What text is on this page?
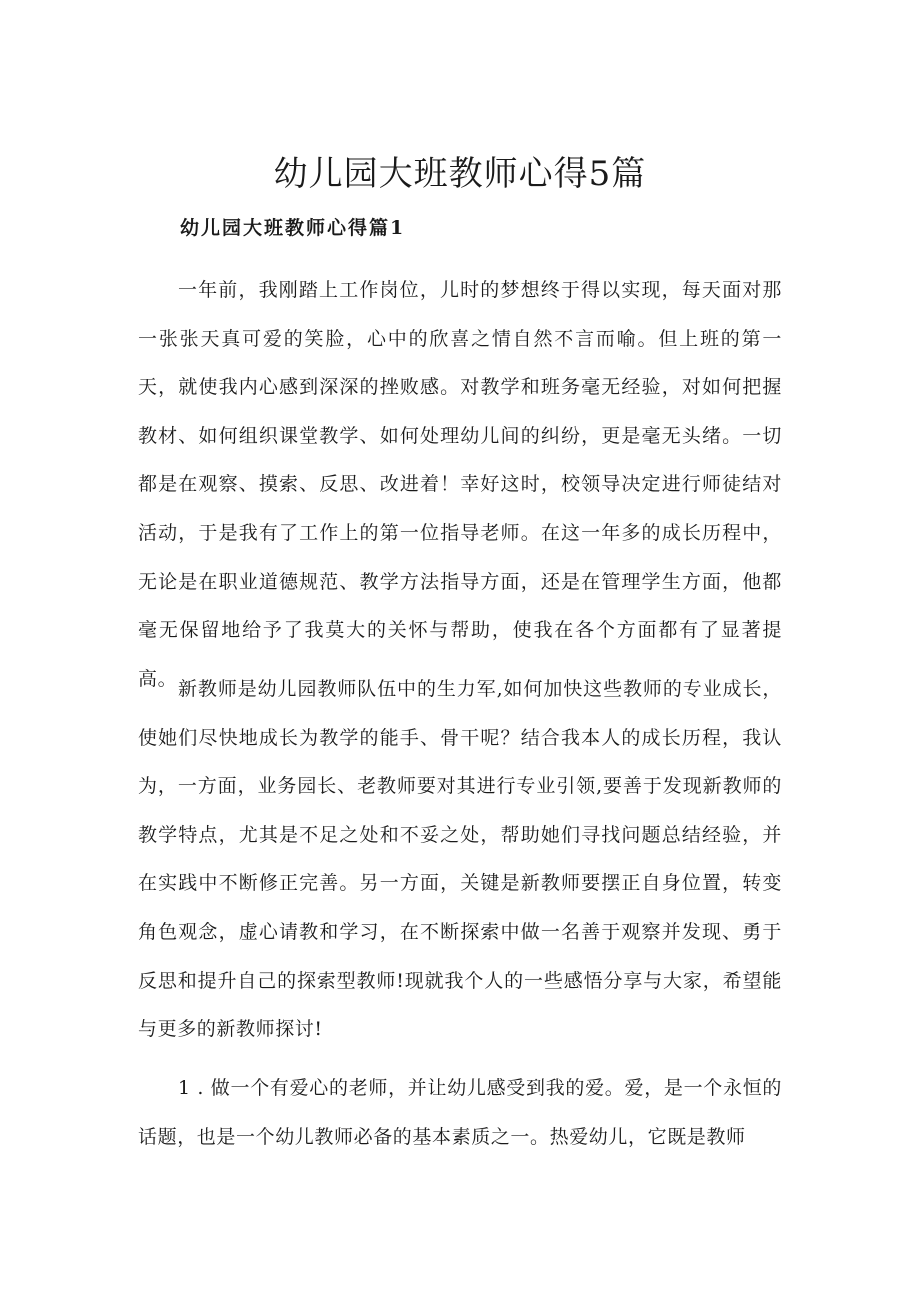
幼儿园大班教师心得5篇
幼儿园大班教师心得篇1

一年前，我刚踏上工作岗位，儿时的梦想终于得以实现，每天面对那一张张天真可爱的笑脸，心中的欣喜之情自然不言而喻。但上班的第一天，就使我内心感到深深的挫败感。对教学和班务毫无经验，对如何把握教材、如何组织课堂教学、如何处理幼儿间的纠纷，更是毫无头绪。一切都是在观察、摸索、反思、改进着！幸好这时，校领导决定进行师徒结对活动，于是我有了工作上的第一位指导老师。在这一年多的成长历程中，无论是在职业道德规范、教学方法指导方面，还是在管理学生方面，他都毫无保留地给予了我莫大的关怀与帮助，使我在各个方面都有了显著提高。 新教师是幼儿园教师队伍中的生力军,如何加快这些教师的专业成长，使她们尽快地成长为教学的能手、骨干呢？结合我本人的成长历程，我认为，一方面，业务园长、老教师要对其进行专业引领,要善于发现新教师的教学特点，尤其是不足之处和不妥之处，帮助她们寻找问题总结经验，并在实践中不断修正完善。另一方面，关键是新教师要摆正自身位置，转变角色观念，虚心请教和学习，在不断探索中做一名善于观察并发现、勇于反思和提升自己的探索型教师!现就我个人的一些感悟分享与大家，希望能与更多的新教师探讨!

1 . 做一个有爱心的老师，并让幼儿感受到我的爱。爱，是一个永恒的话题，也是一个幼儿教师必备的基本素质之一。热爱幼儿，它既是教师
